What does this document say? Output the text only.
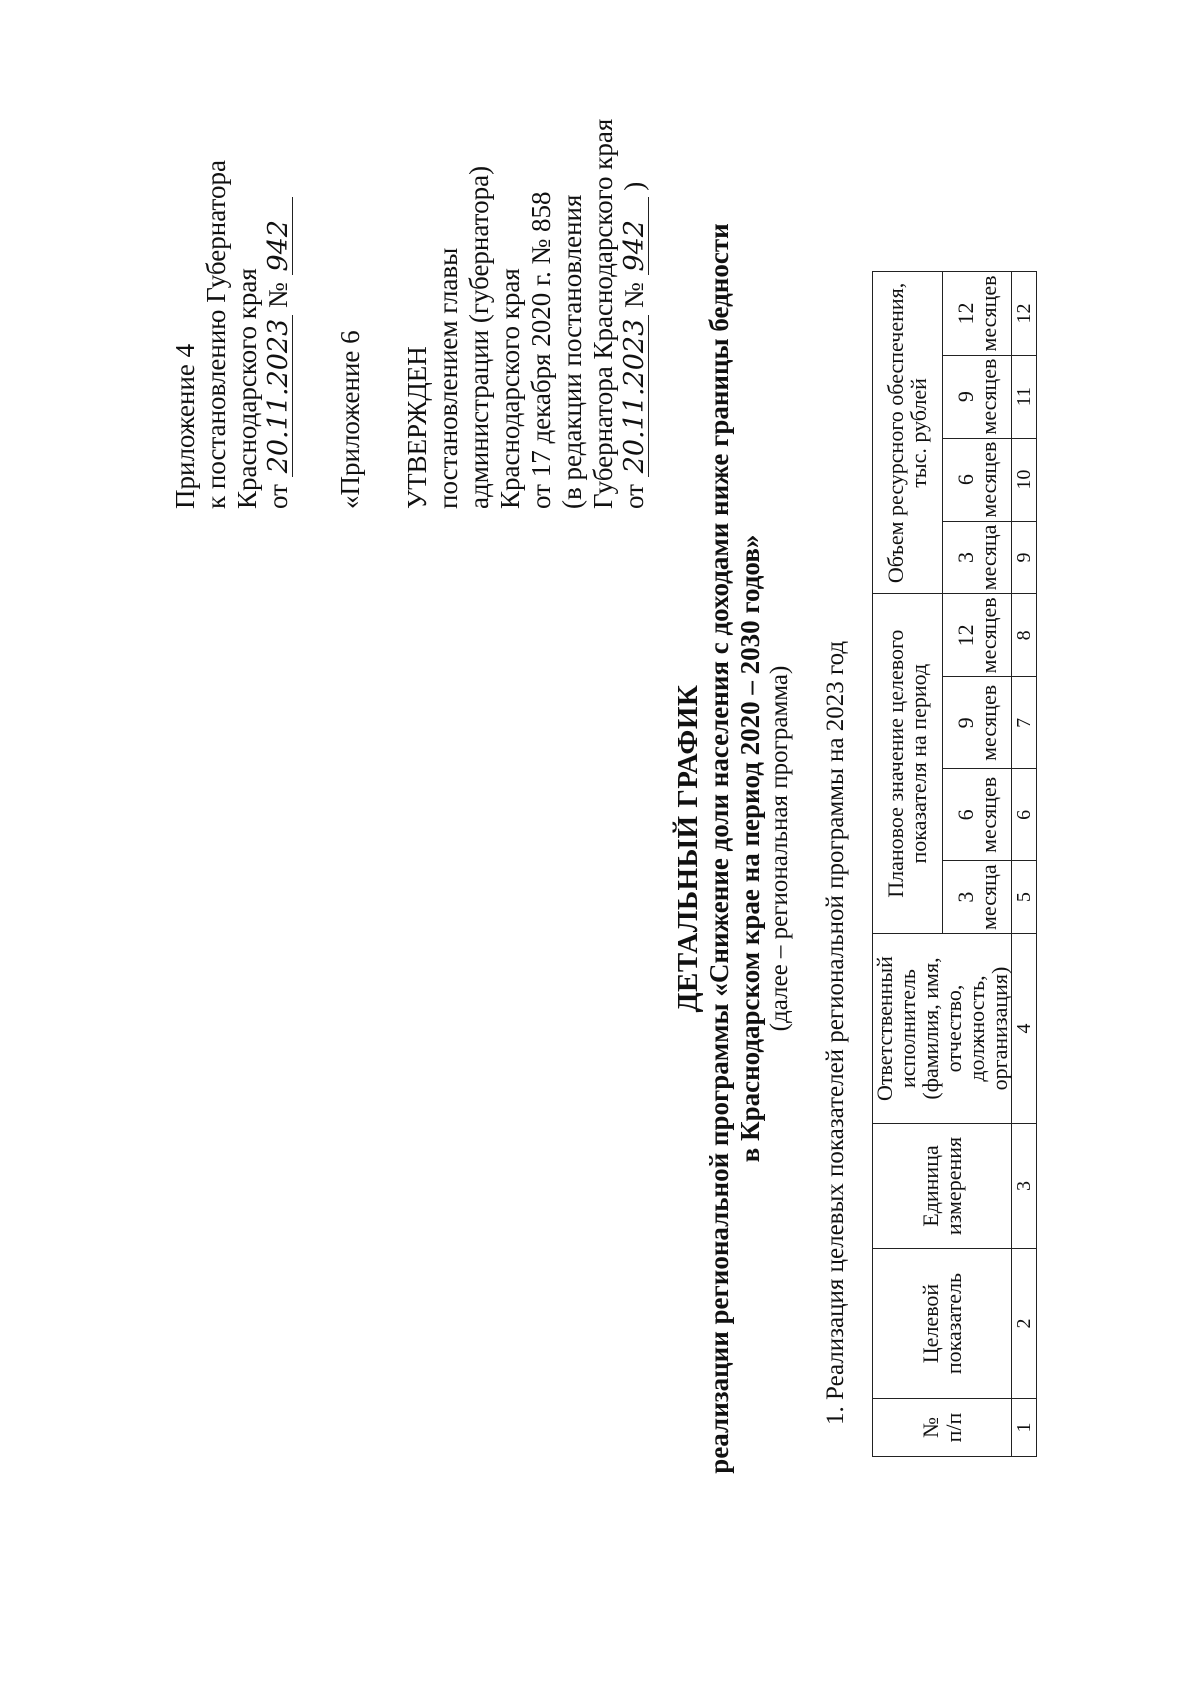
Приложение 4 к постановлению Губернатора Краснодарского края от 20.11.2023 № 942
«Приложение 6 УТВЕРЖДЕН постановлением главы администрации (губернатора) Краснодарского края от 17 декабря 2020 г. № 858 (в редакции постановления Губернатора Краснодарского края от 20.11.2023 № 942 )
ДЕТАЛЬНЫЙ ГРАФИК реализации региональной программы «Снижение доли населения с доходами ниже границы бедности в Краснодарском крае на период 2020 – 2030 годов» (далее – региональная программа) 1. Реализация целевых показателей региональной программы на 2023 год
№
п/п	Целевой показатель	Единица измерения	Ответственный исполнитель (фамилия, имя, отчество, должность, организация)	Плановое значение целевого показателя на период				Объем ресурсного обеспечения, тыс. рублей			
				3 месяца	6 месяцев	9 месяцев	12 месяцев	3 месяца	6 месяцев	9 месяцев	12 месяцев
1	2	3	4	5	6	7	8	9	10	11	12
